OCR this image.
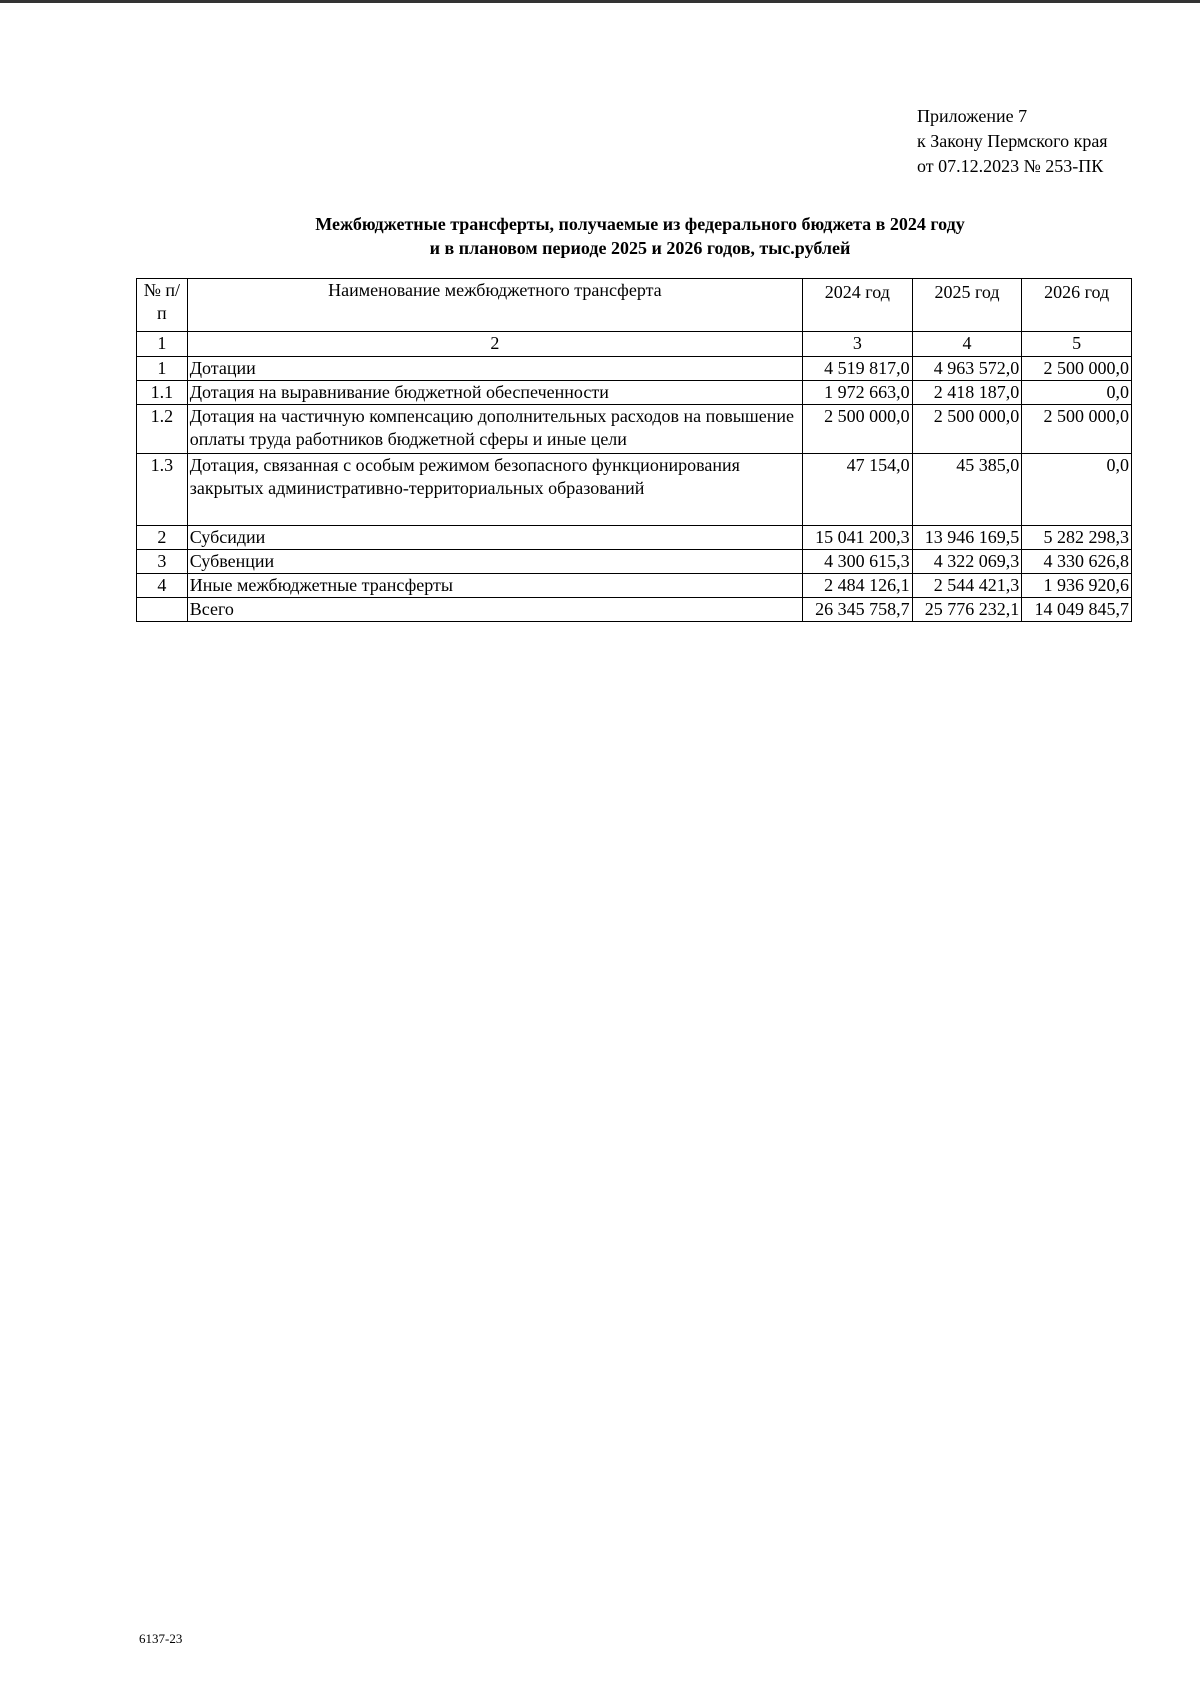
Приложение 7
к Закону Пермского края
от 07.12.2023 № 253-ПК
Межбюджетные трансферты, получаемые из федерального бюджета в 2024 году
и в плановом периоде 2025 и 2026 годов, тыс.рублей
№ п/п	Наименование межбюджетного трансферта	2024 год	2025 год	2026 год
1	2	3	4	5
1	Дотации	4 519 817,0	4 963 572,0	2 500 000,0
1.1	Дотация на выравнивание бюджетной обеспеченности	1 972 663,0	2 418 187,0	0,0
1.2	Дотация на частичную компенсацию дополнительных расходов на повышение оплаты труда работников бюджетной сферы и иные цели	2 500 000,0	2 500 000,0	2 500 000,0
1.3	Дотация, связанная с особым режимом безопасного функционирования закрытых административно-территориальных образований	47 154,0	45 385,0	0,0
2	Субсидии	15 041 200,3	13 946 169,5	5 282 298,3
3	Субвенции	4 300 615,3	4 322 069,3	4 330 626,8
4	Иные межбюджетные трансферты	2 484 126,1	2 544 421,3	1 936 920,6
	Всего	26 345 758,7	25 776 232,1	14 049 845,7
6137-23
